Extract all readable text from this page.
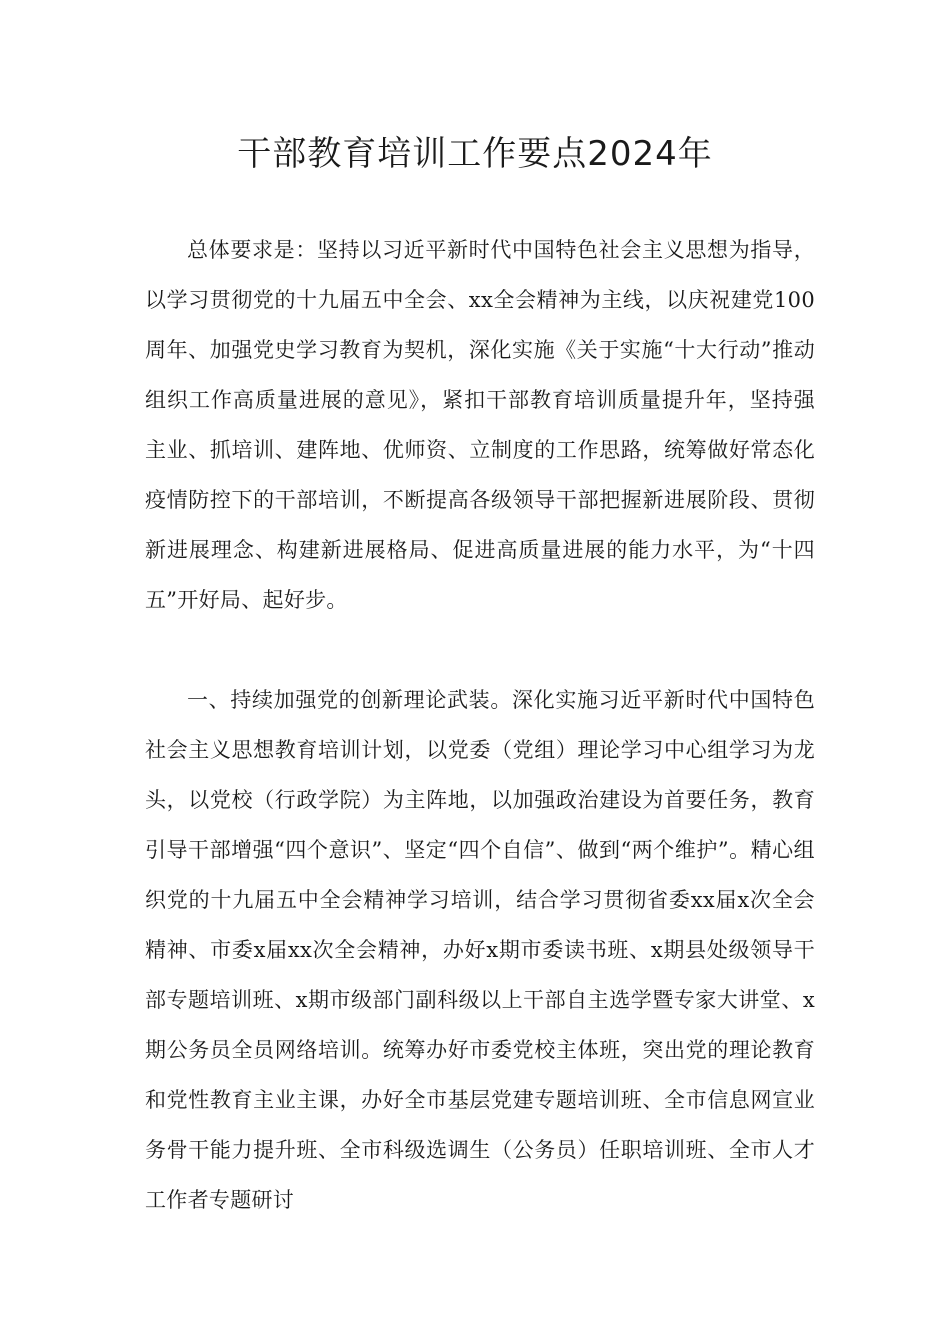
干部教育培训工作要点2024年

总体要求是：坚持以习近平新时代中国特色社会主义思想为指导，以学习贯彻党的十九届五中全会、xx全会精神为主线，以庆祝建党100周年、加强党史学习教育为契机，深化实施《关于实施“十大行动”推动组织工作高质量进展的意见》，紧扣干部教育培训质量提升年，坚持强主业、抓培训、建阵地、优师资、立制度的工作思路，统筹做好常态化疫情防控下的干部培训，不断提高各级领导干部把握新进展阶段、贯彻新进展理念、构建新进展格局、促进高质量进展的能力水平，为“十四五”开好局、起好步。

一、持续加强党的创新理论武装。深化实施习近平新时代中国特色社会主义思想教育培训计划，以党委（党组）理论学习中心组学习为龙头，以党校（行政学院）为主阵地，以加强政治建设为首要任务，教育引导干部增强“四个意识”、坚定“四个自信”、做到“两个维护”。精心组织党的十九届五中全会精神学习培训，结合学习贯彻省委xx届x次全会精神、市委x届xx次全会精神，办好x期市委读书班、x期县处级领导干部专题培训班、x期市级部门副科级以上干部自主选学暨专家大讲堂、x期公务员全员网络培训。统筹办好市委党校主体班，突出党的理论教育和党性教育主业主课，办好全市基层党建专题培训班、全市信息网宣业务骨干能力提升班、全市科级选调生（公务员）任职培训班、全市人才工作者专题研讨
